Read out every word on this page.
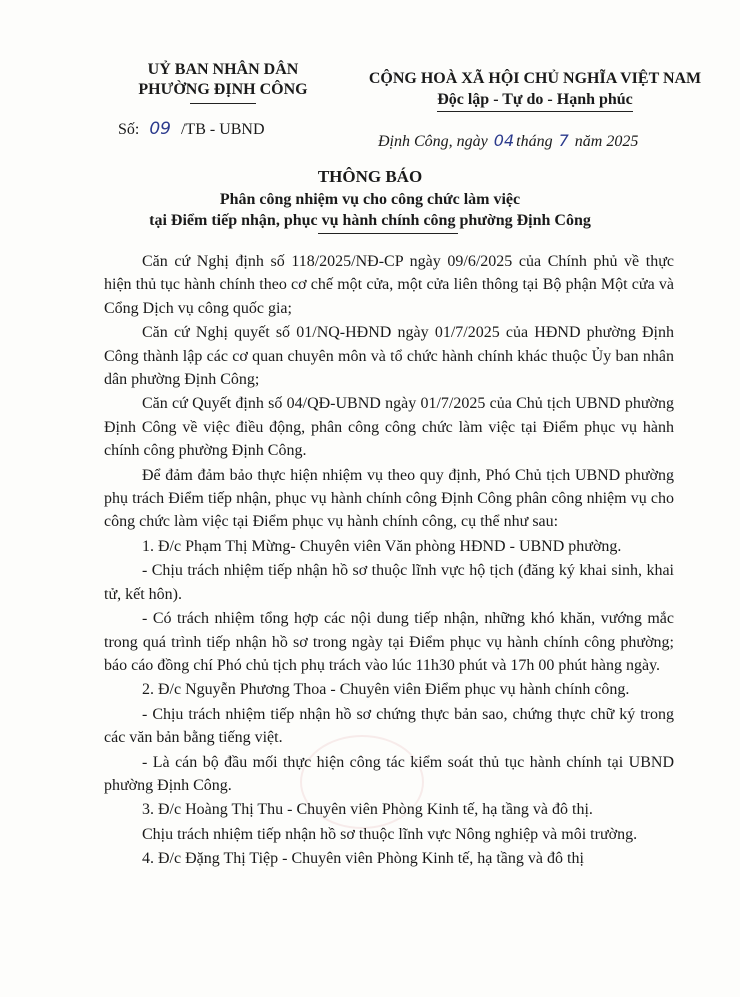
UỶ BAN NHÂN DÂN
PHƯỜNG ĐỊNH CÔNG
CỘNG HOÀ XÃ HỘI CHỦ NGHĨA VIỆT NAM
Độc lập - Tự do - Hạnh phúc
Số: 09 /TB - UBND
Định Công, ngày 04 tháng 7 năm 2025
THÔNG BÁO
Phân công nhiệm vụ cho công chức làm việc
tại Điểm tiếp nhận, phục vụ hành chính công phường Định Công

Căn cứ Nghị định số 118/2025/NĐ-CP ngày 09/6/2025 của Chính phủ về thực hiện thủ tục hành chính theo cơ chế một cửa, một cửa liên thông tại Bộ phận Một cửa và Cổng Dịch vụ công quốc gia;

Căn cứ Nghị quyết số 01/NQ-HĐND ngày 01/7/2025 của HĐND phường Định Công thành lập các cơ quan chuyên môn và tổ chức hành chính khác thuộc Ủy ban nhân dân phường Định Công;

Căn cứ Quyết định số 04/QĐ-UBND ngày 01/7/2025 của Chủ tịch UBND phường Định Công về việc điều động, phân công công chức làm việc tại Điểm phục vụ hành chính công phường Định Công.

Để đảm đảm bảo thực hiện nhiệm vụ theo quy định, Phó Chủ tịch UBND phường phụ trách Điểm tiếp nhận, phục vụ hành chính công Định Công phân công nhiệm vụ cho công chức làm việc tại Điểm phục vụ hành chính công, cụ thể như sau:

1. Đ/c Phạm Thị Mừng- Chuyên viên Văn phòng HĐND - UBND phường.

- Chịu trách nhiệm tiếp nhận hồ sơ thuộc lĩnh vực hộ tịch (đăng ký khai sinh, khai tử, kết hôn).

- Có trách nhiệm tổng hợp các nội dung tiếp nhận, những khó khăn, vướng mắc trong quá trình tiếp nhận hồ sơ trong ngày tại Điểm phục vụ hành chính công phường; báo cáo đồng chí Phó chủ tịch phụ trách vào lúc 11h30 phút và 17h 00 phút hàng ngày.

2. Đ/c Nguyễn Phương Thoa - Chuyên viên Điểm phục vụ hành chính công.

- Chịu trách nhiệm tiếp nhận hồ sơ chứng thực bản sao, chứng thực chữ ký trong các văn bản bằng tiếng việt.

- Là cán bộ đầu mối thực hiện công tác kiểm soát thủ tục hành chính tại UBND phường Định Công.

3. Đ/c Hoàng Thị Thu - Chuyên viên Phòng Kinh tế, hạ tầng và đô thị.

Chịu trách nhiệm tiếp nhận hồ sơ thuộc lĩnh vực Nông nghiệp và môi trường.

4. Đ/c Đặng Thị Tiệp - Chuyên viên Phòng Kinh tế, hạ tầng và đô thị
